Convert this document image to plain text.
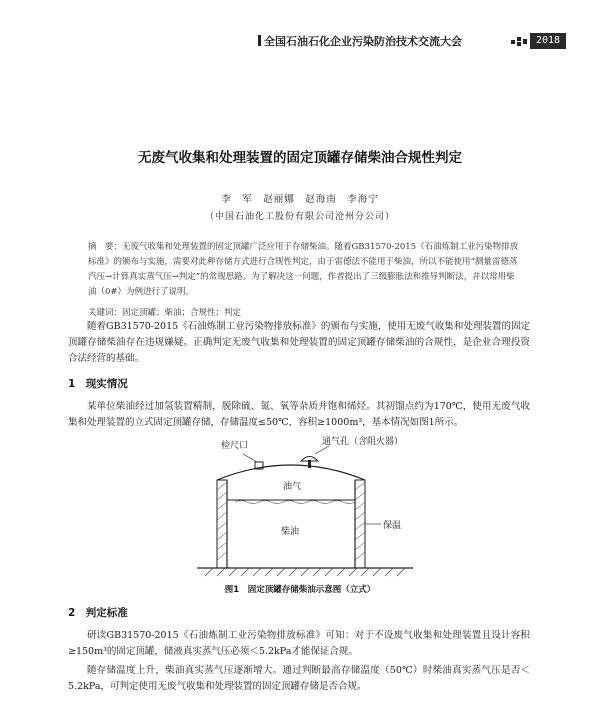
全国石油石化企业污染防治技术交流大会	2018
无废气收集和处理装置的固定顶罐存储柴油合规性判定
李　军　赵丽娜　赵海南　李海宁
（中国石油化工股份有限公司沧州分公司）
摘　要：无废气收集和处理装置的固定顶罐广泛应用于存储柴油。随着GB31570-2015《石油炼制工业污染物排放标准》的颁布与实施，需要对此种存储方式进行合规性判定，由于雷德法不能用于柴油，所以不能使用“测量雷德蒸汽压→计算真实蒸气压→判定”的常规思路。为了解决这一问题，作者提出了三级膨胀法和推导判断法，并以常用柴油（0#）为例进行了说明。
关键词：固定顶罐；柴油；合规性；判定
随着GB31570-2015《石油炼制工业污染物排放标准》的颁布与实施，使用无废气收集和处理装置的固定顶罐存储柴油存在违规嫌疑。正确判定无废气收集和处理装置的固定顶罐存储柴油的合规性，是企业合理投资合法经营的基础。
1　现实情况
某单位柴油经过加氢装置精制，脱除硫、氮、氧等杂质并饱和烯烃。其初馏点约为170℃，使用无废气收集和处理装置的立式固定顶罐存储，存储温度≤50℃，容积≥1000m³，基本情况如图1所示。
检尺口	通气孔（含阻火器）
油气
柴油
保温
图1　固定顶罐存储柴油示意图（立式）
2　判定标准
研读GB31570-2015《石油炼制工业污染物排放标准》可知：对于不设废气收集和处理装置且设计容积≥150m³的固定顶罐，储液真实蒸气压必须＜5.2kPa才能保证合规。
随存储温度上升，柴油真实蒸气压逐渐增大。通过判断最高存储温度（50℃）时柴油真实蒸气压是否＜5.2kPa，可判定使用无废气收集和处理装置的固定顶罐存储是否合规。
